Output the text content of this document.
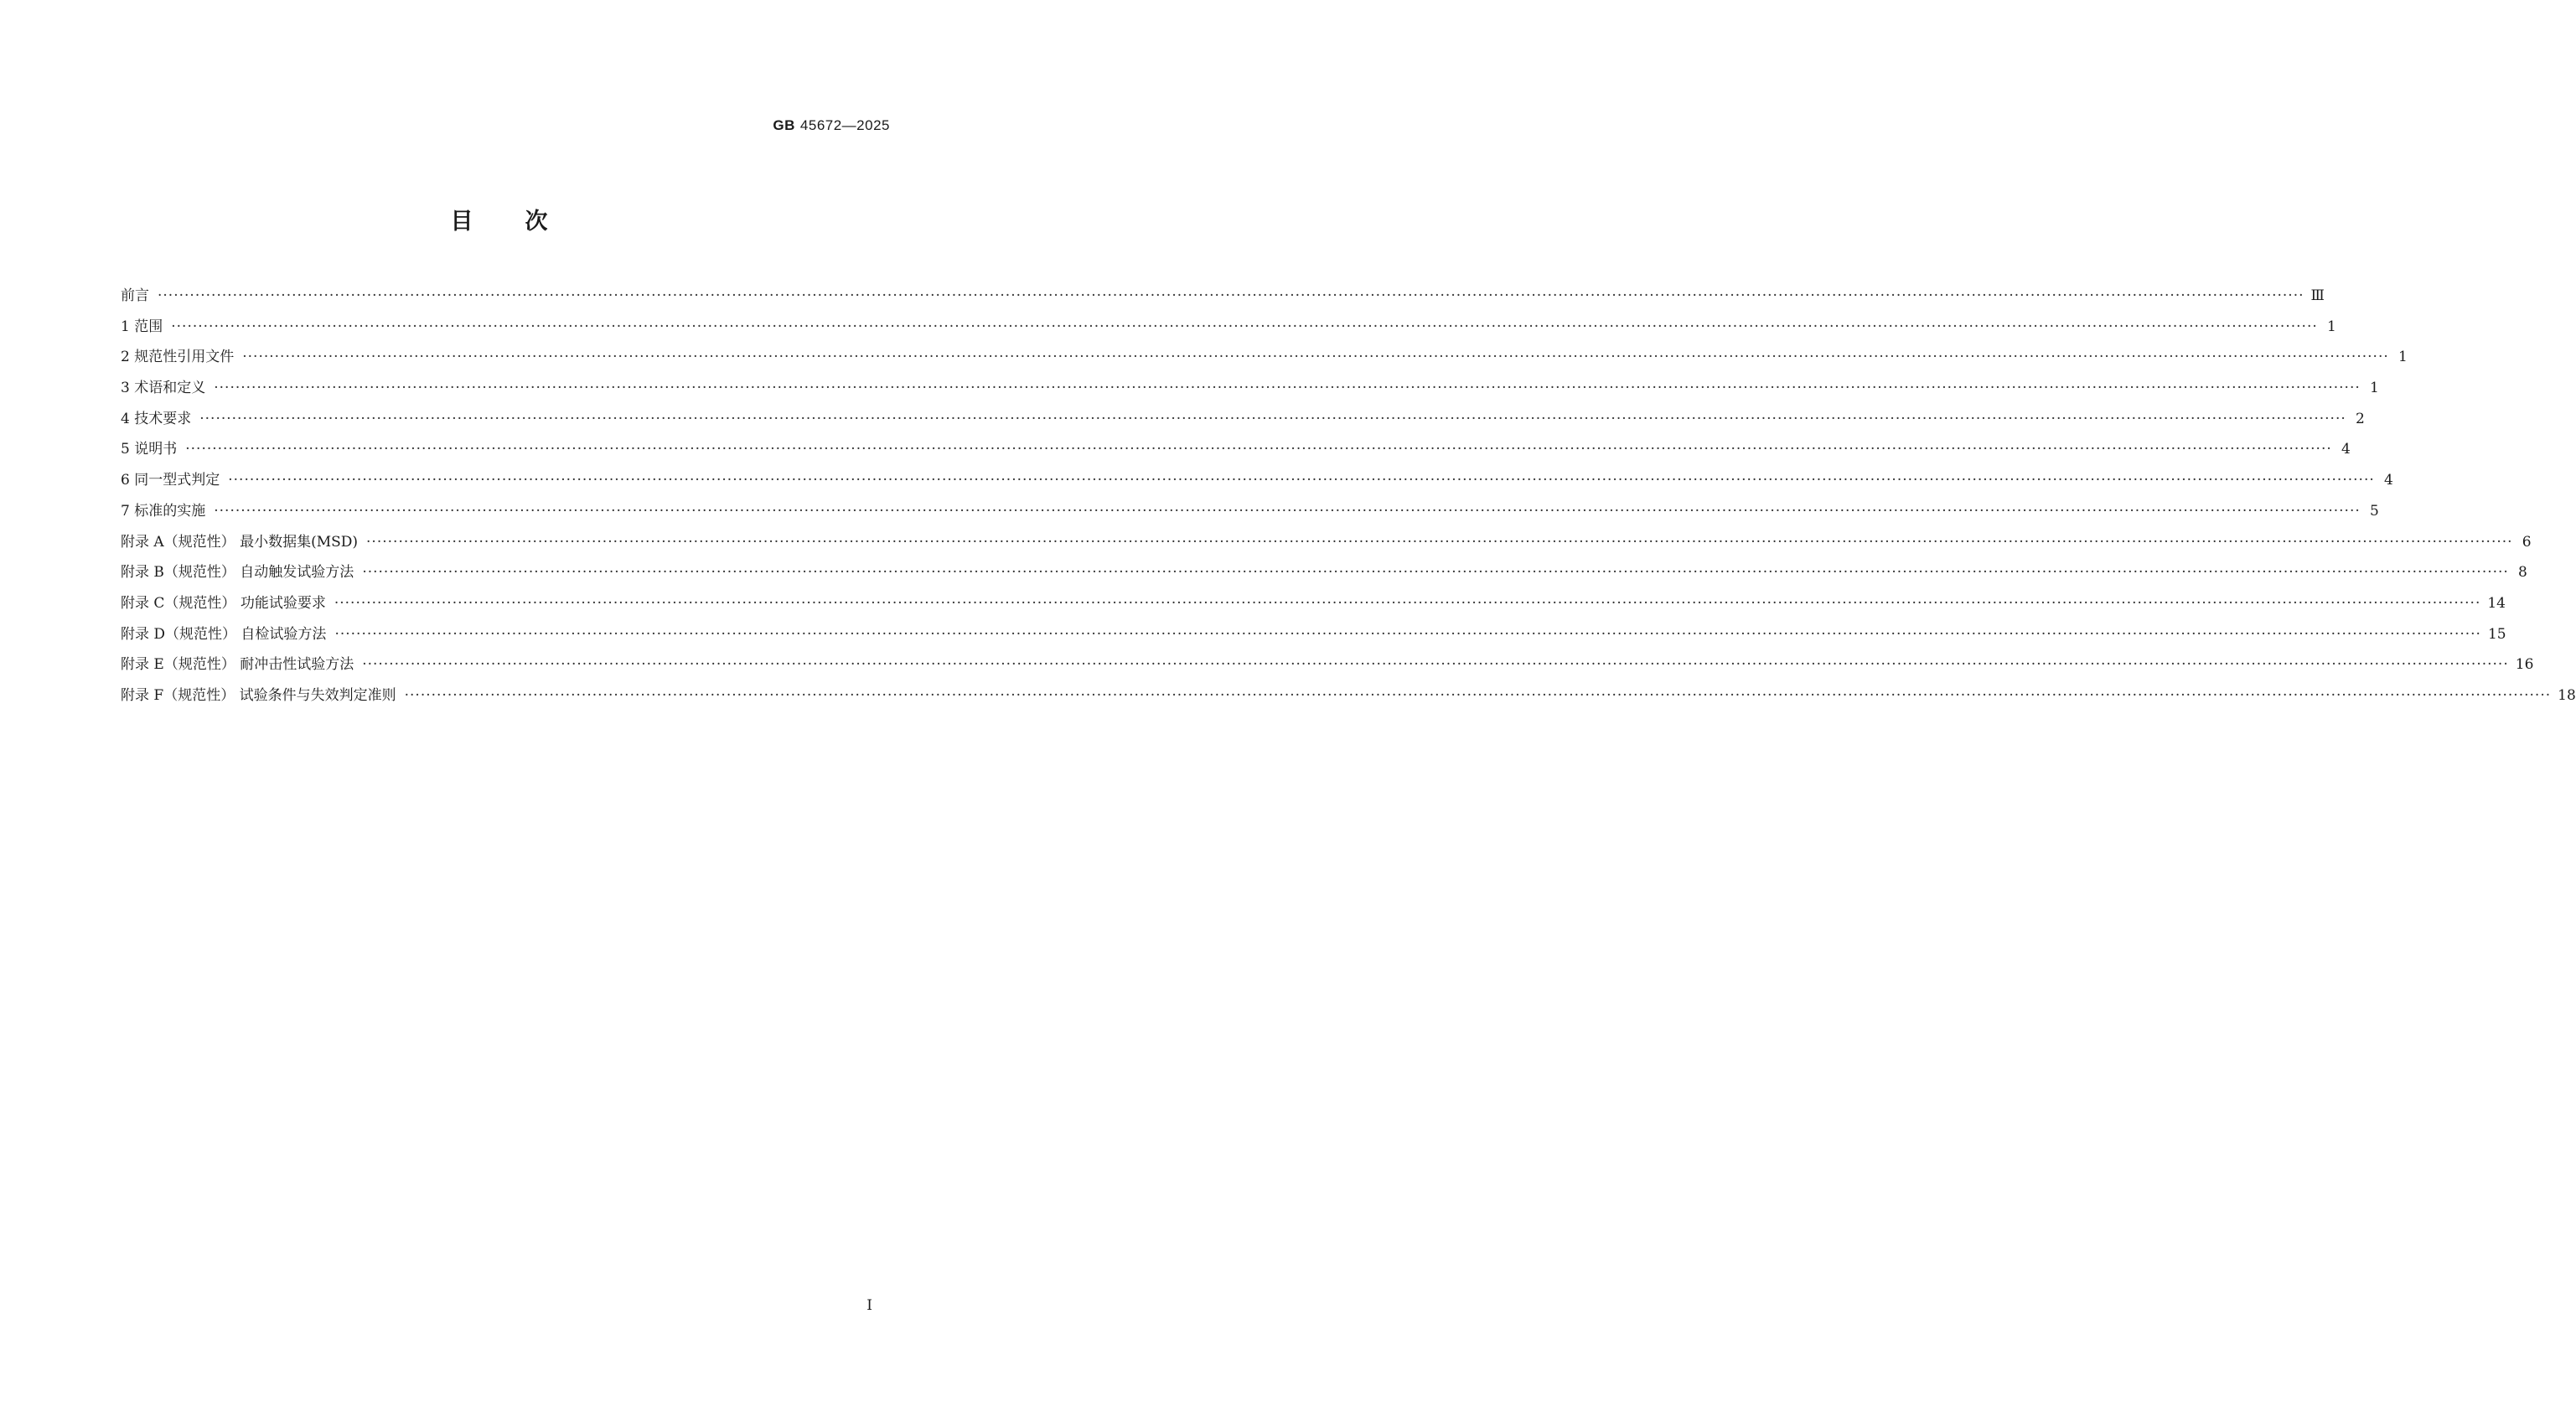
GB 45672—2025
目次
前言 ················································································································································································································································································································································································································ Ⅲ
1 范围 ················································································································································································································································································································································································································ 1
2 规范性引用文件 ················································································································································································································································································································································································································ 1
3 术语和定义 ················································································································································································································································································································································································································ 1
4 技术要求 ················································································································································································································································································································································································································ 2
5 说明书 ················································································································································································································································································································································································································ 4
6 同一型式判定 ················································································································································································································································································································································································································ 4
7 标准的实施 ················································································································································································································································································································································································································ 5
附录 A（规范性） 最小数据集(MSD) ················································································································································································································································································································································································································ 6
附录 B（规范性） 自动触发试验方法 ················································································································································································································································································································································································································ 8
附录 C（规范性） 功能试验要求 ················································································································································································································································································································································································································ 14
附录 D（规范性） 自检试验方法 ················································································································································································································································································································································································································ 15
附录 E（规范性） 耐冲击性试验方法 ················································································································································································································································································································································································································ 16
附录 F（规范性） 试验条件与失效判定准则 ················································································································································································································································································································································································································ 18
Ⅰ
